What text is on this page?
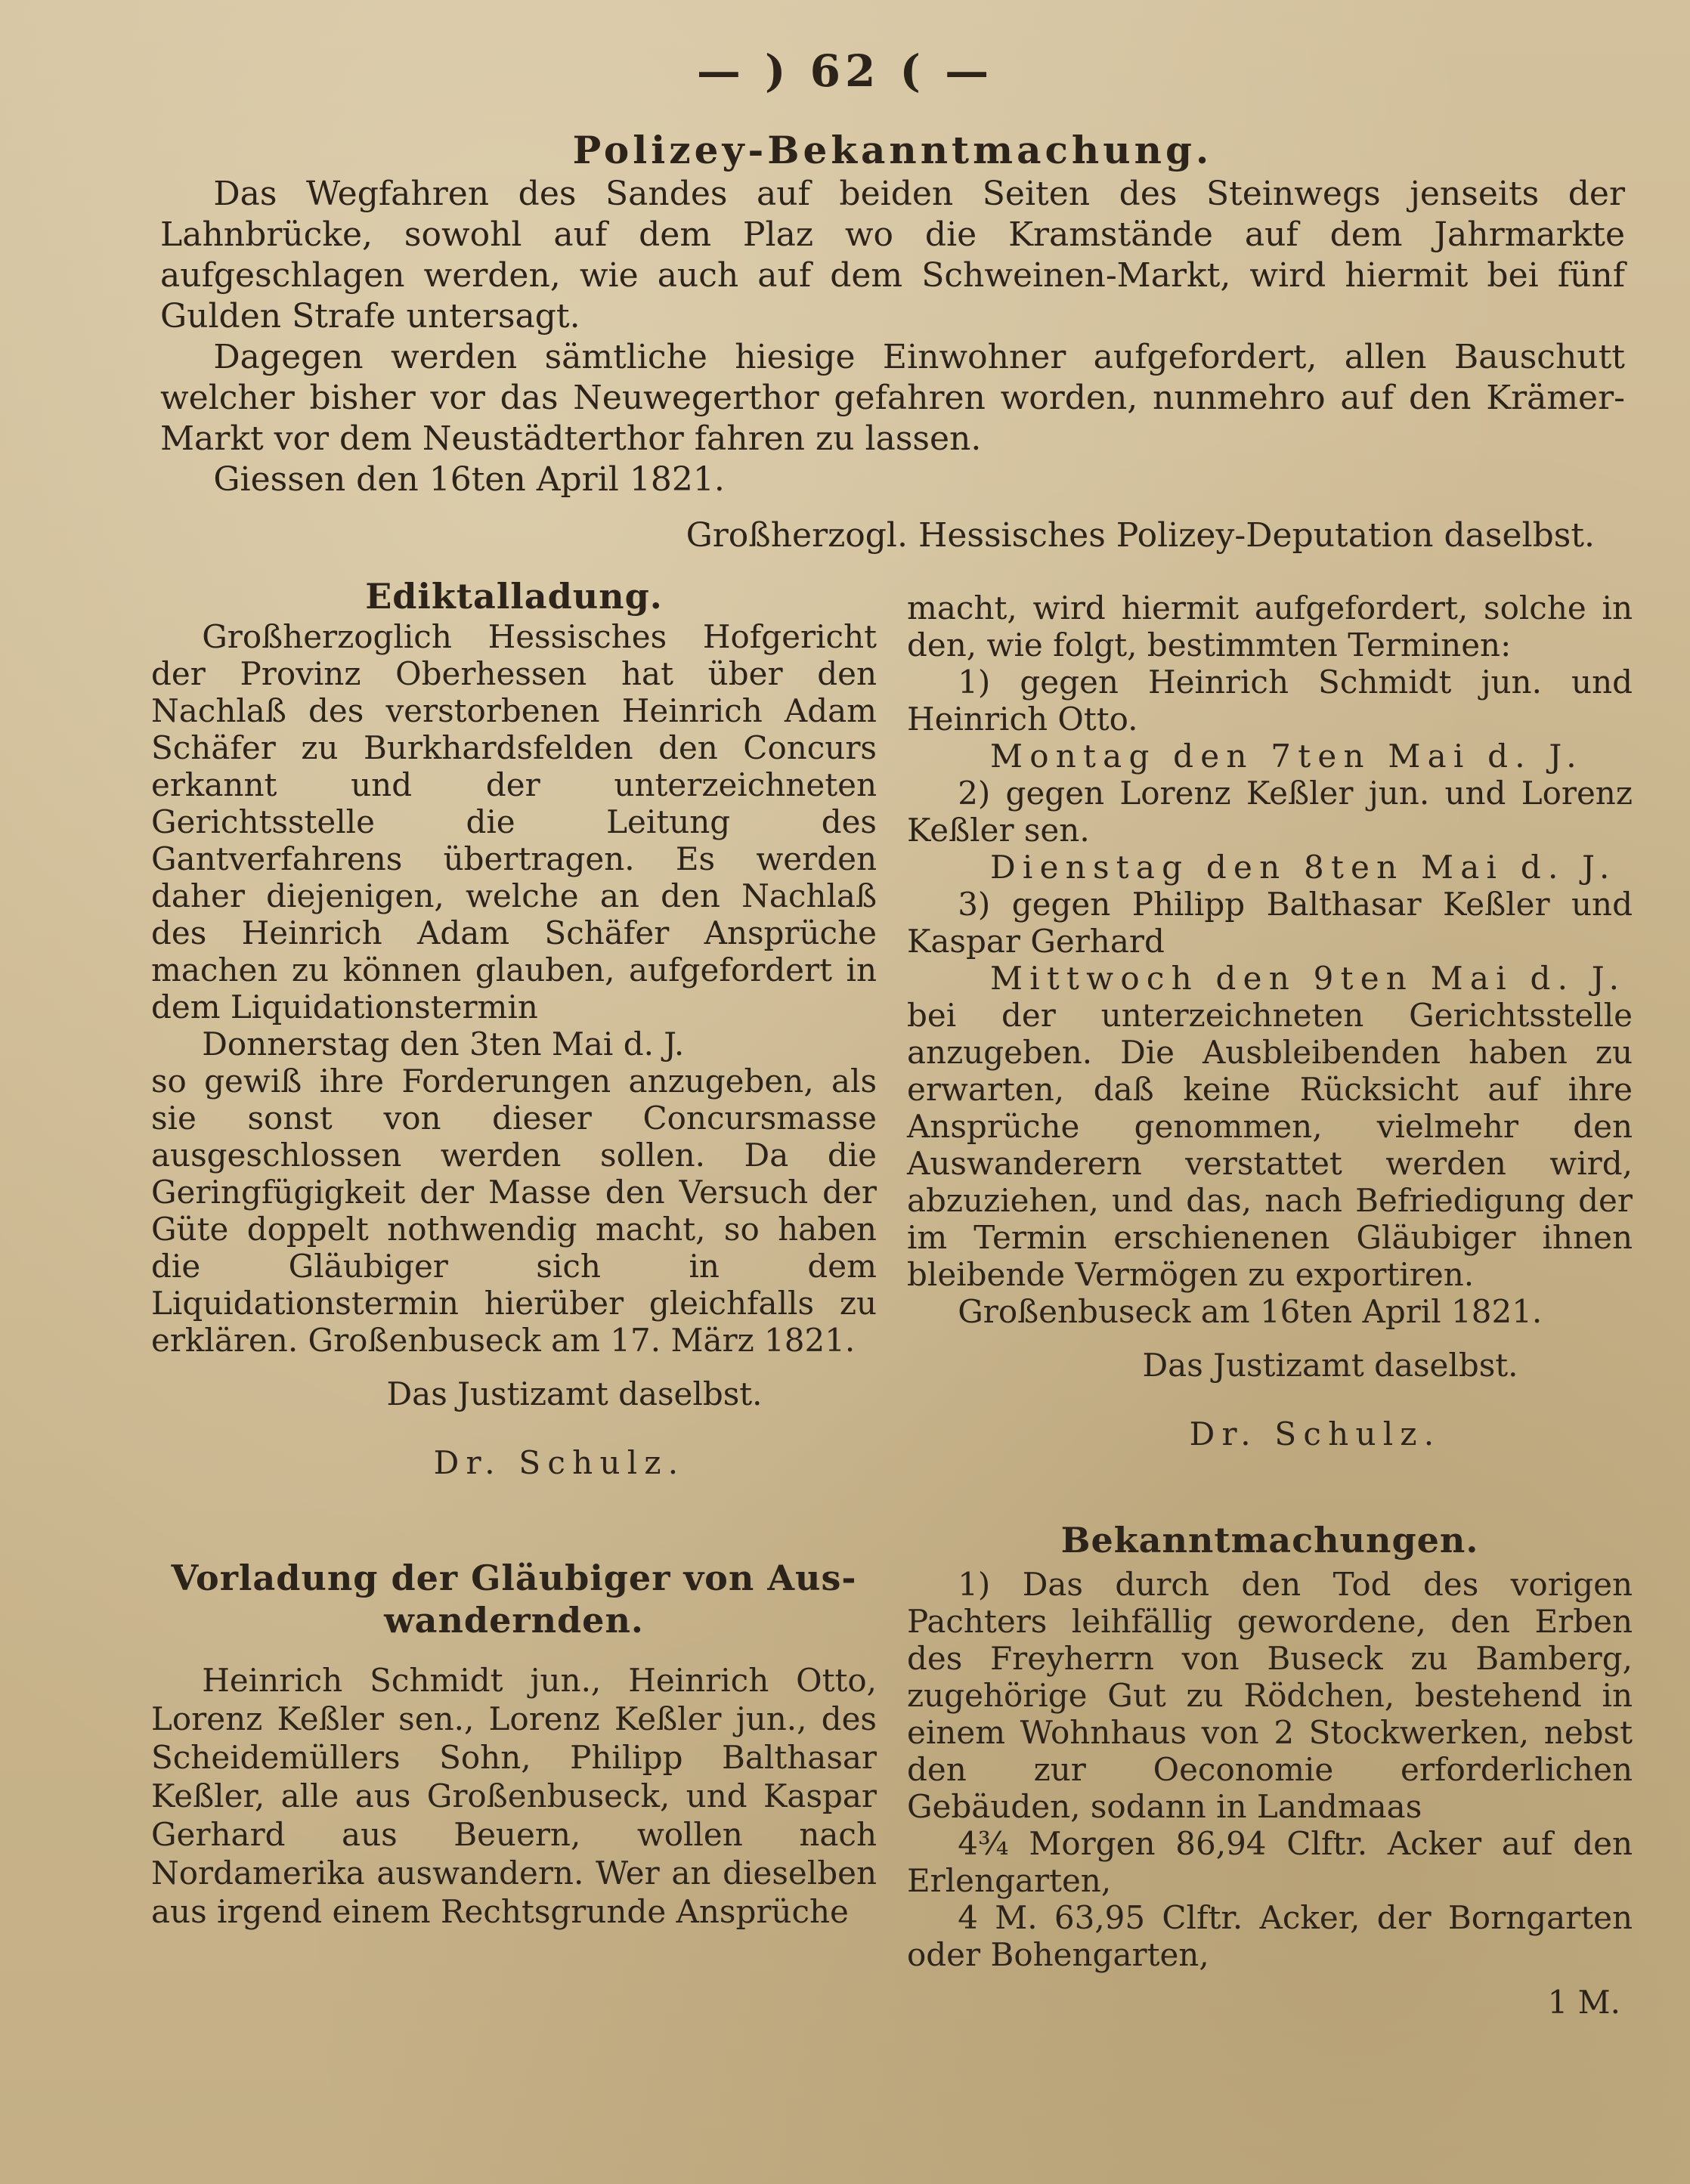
— ) 62 ( —
Polizey-Bekanntmachung.

Das Wegfahren des Sandes auf beiden Seiten des Steinwegs jenseits der Lahnbrücke, sowohl auf dem Plaz wo die Kramstände auf dem Jahrmarkte aufgeschlagen werden, wie auch auf dem Schweinen-Markt, wird hiermit bei fünf Gulden Strafe untersagt.

Dagegen werden sämtliche hiesige Einwohner aufgefordert, allen Bauschutt welcher bisher vor das Neuwegerthor gefahren worden, nunmehro auf den Krämer-Markt vor dem Neustädterthor fahren zu lassen.

Giessen den 16ten April 1821.

Großherzogl. Hessisches Polizey-Deputation daselbst.

Ediktalladung.

Großherzoglich Hessisches Hofgericht der Provinz Oberhessen hat über den Nachlaß des verstorbenen Heinrich Adam Schäfer zu Burkhardsfelden den Concurs erkannt und der unterzeichneten Gerichtsstelle die Leitung des Gantverfahrens übertragen. Es werden daher diejenigen, welche an den Nachlaß des Heinrich Adam Schäfer Ansprüche machen zu können glauben, aufgefordert in dem Liquidationstermin

Donnerstag den 3ten Mai d. J.

so gewiß ihre Forderungen anzugeben, als sie sonst von dieser Concursmasse ausgeschlossen werden sollen. Da die Geringfügigkeit der Masse den Versuch der Güte doppelt nothwendig macht, so haben die Gläubiger sich in dem Liquidationstermin hierüber gleichfalls zu erklären. Großenbuseck am 17. März 1821.

Das Justizamt daselbst.

Dr. Schulz.

Vorladung der Gläubiger von Aus-
wandernden.

Heinrich Schmidt jun., Heinrich Otto, Lorenz Keßler sen., Lorenz Keßler jun., des Scheidemüllers Sohn, Philipp Balthasar Keßler, alle aus Großenbuseck, und Kaspar Gerhard aus Beuern, wollen nach Nordamerika auswandern. Wer an dieselben aus irgend einem Rechtsgrunde Ansprüche

macht, wird hiermit aufgefordert, solche in den, wie folgt, bestimmten Terminen:

1) gegen Heinrich Schmidt jun. und Heinrich Otto.

Montag den 7ten Mai d. J.

2) gegen Lorenz Keßler jun. und Lorenz Keßler sen.

Dienstag den 8ten Mai d. J.

3) gegen Philipp Balthasar Keßler und Kaspar Gerhard

Mittwoch den 9ten Mai d. J.

bei der unterzeichneten Gerichtsstelle anzugeben. Die Ausbleibenden haben zu erwarten, daß keine Rücksicht auf ihre Ansprüche genommen, vielmehr den Auswanderern verstattet werden wird, abzuziehen, und das, nach Befriedigung der im Termin erschienenen Gläubiger ihnen bleibende Vermögen zu exportiren.

Großenbuseck am 16ten April 1821.

Das Justizamt daselbst.

Dr. Schulz.

Bekanntmachungen.

1) Das durch den Tod des vorigen Pachters leihfällig gewordene, den Erben des Freyherrn von Buseck zu Bamberg, zugehörige Gut zu Rödchen, bestehend in einem Wohnhaus von 2 Stockwerken, nebst den zur Oeconomie erforderlichen Gebäuden, sodann in Landmaas

4¾ Morgen 86,94 Clftr. Acker auf den Erlengarten,

4 M. 63,95 Clftr. Acker, der Borngarten oder Bohengarten,

1 M.
